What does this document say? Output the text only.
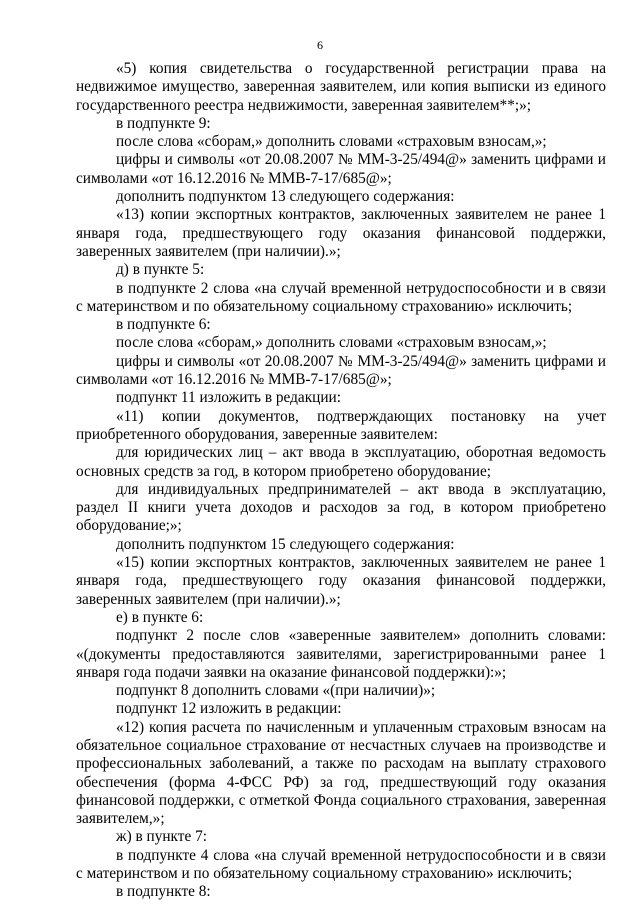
6

«5) копия свидетельства о государственной регистрации права на недвижимое имущество, заверенная заявителем, или копия выписки из единого государственного реестра недвижимости, заверенная заявителем**;»;

в подпункте 9:

после слова «сборам,» дополнить словами «страховым взносам,»;

цифры и символы «от 20.08.2007 № ММ-3-25/494@» заменить цифрами и символами «от 16.12.2016 № ММВ-7-17/685@»;

дополнить подпунктом 13 следующего содержания:

«13) копии экспортных контрактов, заключенных заявителем не ранее 1 января года, предшествующего году оказания финансовой поддержки, заверенных заявителем (при наличии).»;

д) в пункте 5:

в подпункте 2 слова «на случай временной нетрудоспособности и в связи с материнством и по обязательному социальному страхованию» исключить;

в подпункте 6:

после слова «сборам,» дополнить словами «страховым взносам,»;

цифры и символы «от 20.08.2007 № ММ-3-25/494@» заменить цифрами и символами «от 16.12.2016 № ММВ-7-17/685@»;

подпункт 11 изложить в редакции:

«11) копии документов, подтверждающих постановку на учет приобретенного оборудования, заверенные заявителем:

для юридических лиц – акт ввода в эксплуатацию, оборотная ведомость основных средств за год, в котором приобретено оборудование;

для индивидуальных предпринимателей – акт ввода в эксплуатацию, раздел II книги учета доходов и расходов за год, в котором приобретено оборудование;»;

дополнить подпунктом 15 следующего содержания:

«15) копии экспортных контрактов, заключенных заявителем не ранее 1 января года, предшествующего году оказания финансовой поддержки, заверенных заявителем (при наличии).»;

е) в пункте 6:

подпункт 2 после слов «заверенные заявителем» дополнить словами: «(документы предоставляются заявителями, зарегистрированными ранее 1 января года подачи заявки на оказание финансовой поддержки):»;

подпункт 8 дополнить словами «(при наличии)»;

подпункт 12 изложить в редакции:

«12) копия расчета по начисленным и уплаченным страховым взносам на обязательное социальное страхование от несчастных случаев на производстве и профессиональных заболеваний, а также по расходам на выплату страхового обеспечения (форма 4-ФСС РФ) за год, предшествующий году оказания финансовой поддержки, с отметкой Фонда социального страхования, заверенная заявителем,»;

ж) в пункте 7:

в подпункте 4 слова «на случай временной нетрудоспособности и в связи с материнством и по обязательному социальному страхованию» исключить;

в подпункте 8:
